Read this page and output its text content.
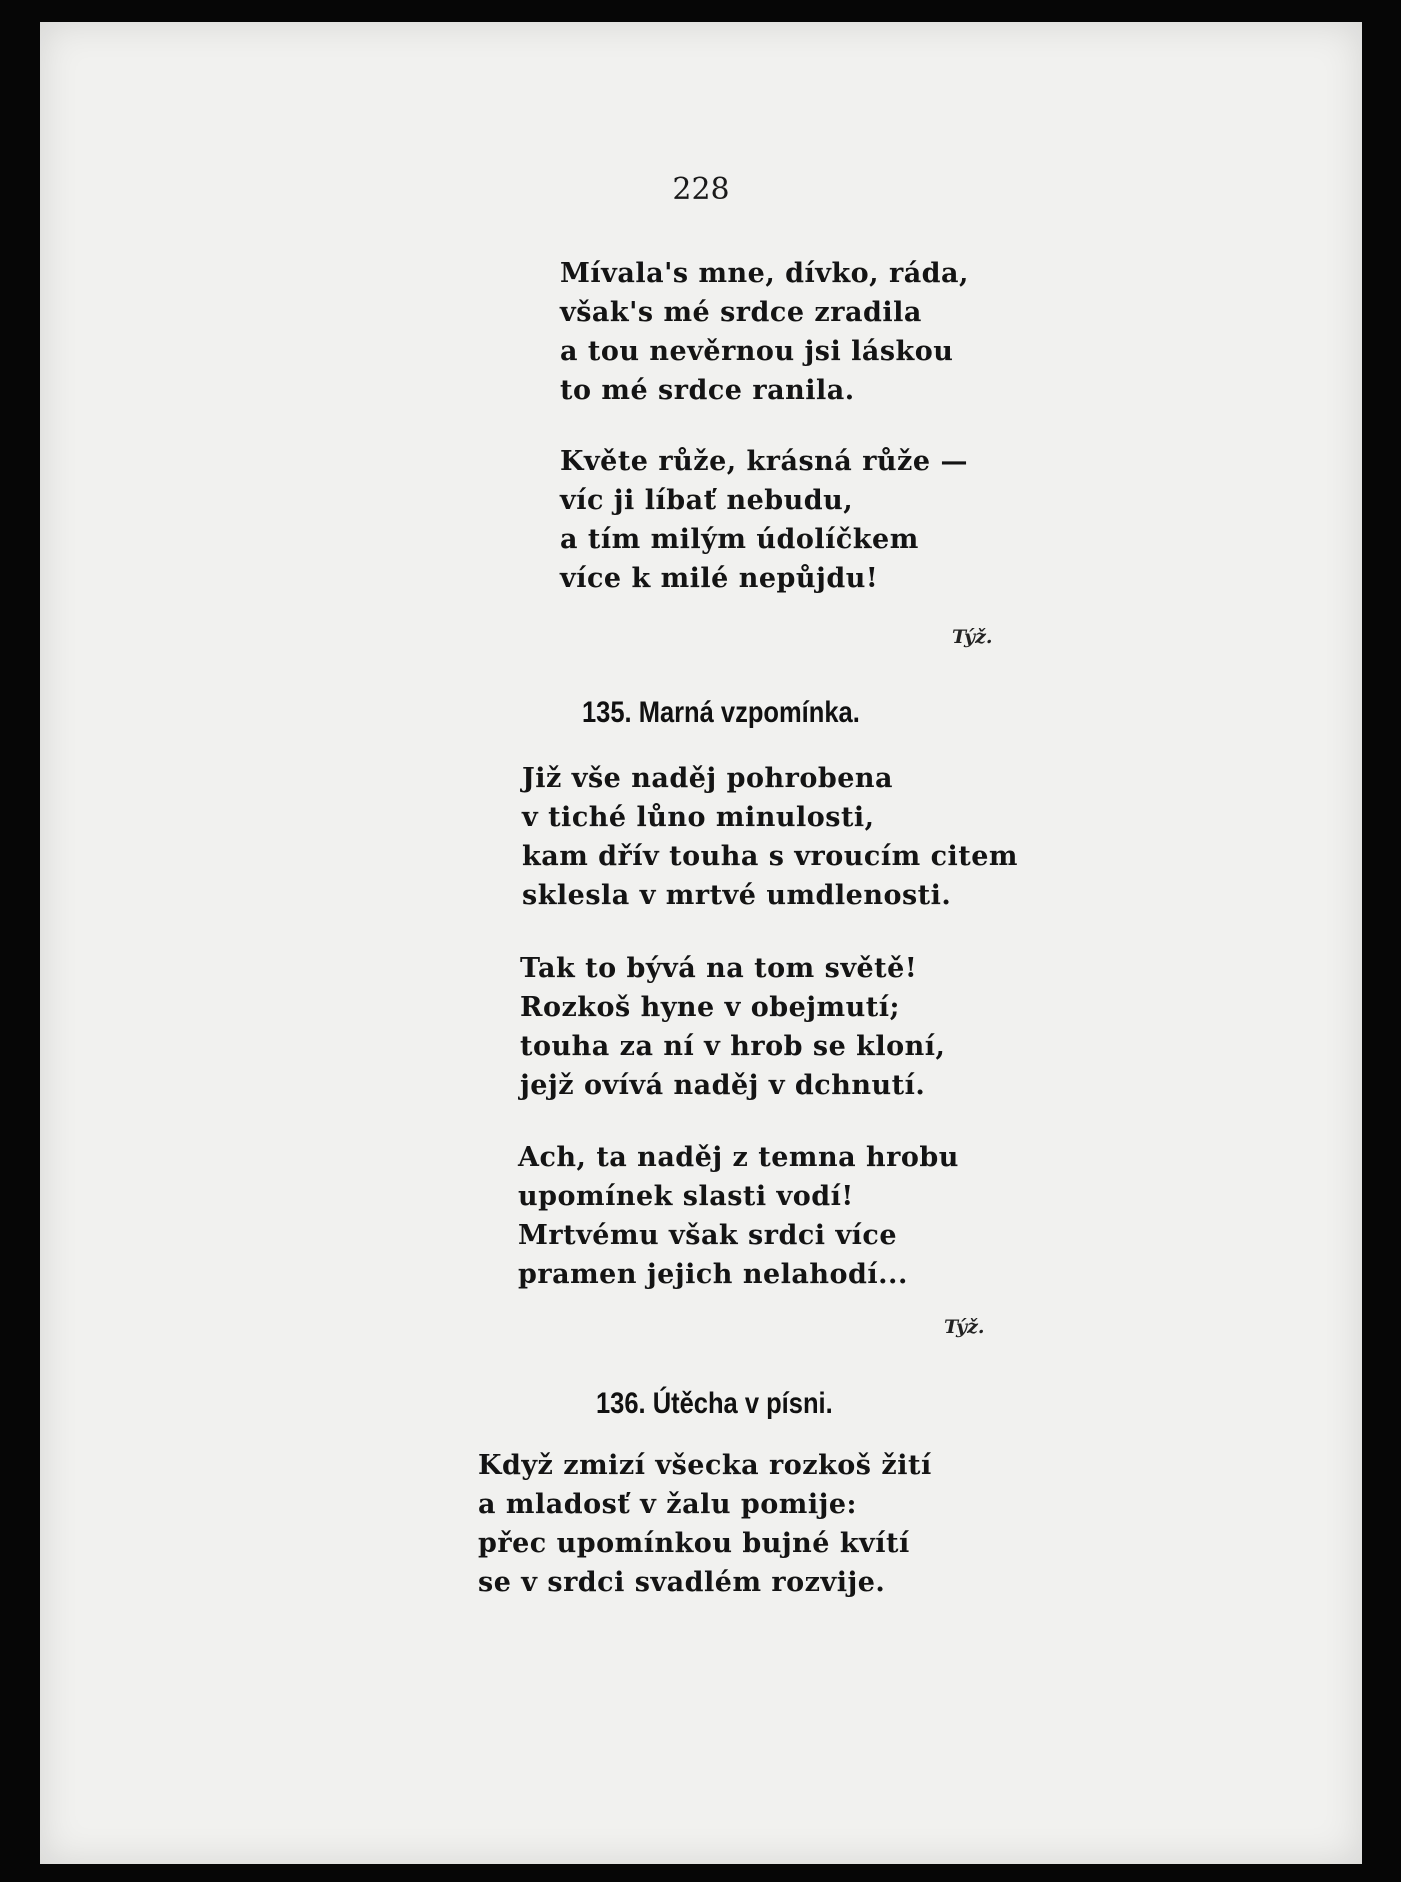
228
Mívala's mne, dívko, ráda,
však's mé srdce zradila
a tou nevěrnou jsi láskou
to mé srdce ranila.
Květe růže, krásná růže —
víc ji líbať nebudu,
a tím milým údolíčkem
více k milé nepůjdu!
Týž.
135. Marná vzpomínka.
Již vše naděj pohrobena
v tiché lůno minulosti,
kam dřív touha s vroucím citem
sklesla v mrtvé umdlenosti.
Tak to bývá na tom světě!
Rozkoš hyne v obejmutí;
touha za ní v hrob se kloní,
jejž ovívá naděj v dchnutí.
Ach, ta naděj z temna hrobu
upomínek slasti vodí!
Mrtvému však srdci více
pramen jejich nelahodí...
Týž.
136. Útěcha v písni.
Když zmizí všecka rozkoš žití
a mladosť v žalu pomije:
přec upomínkou bujné kvítí
se v srdci svadlém rozvije.
